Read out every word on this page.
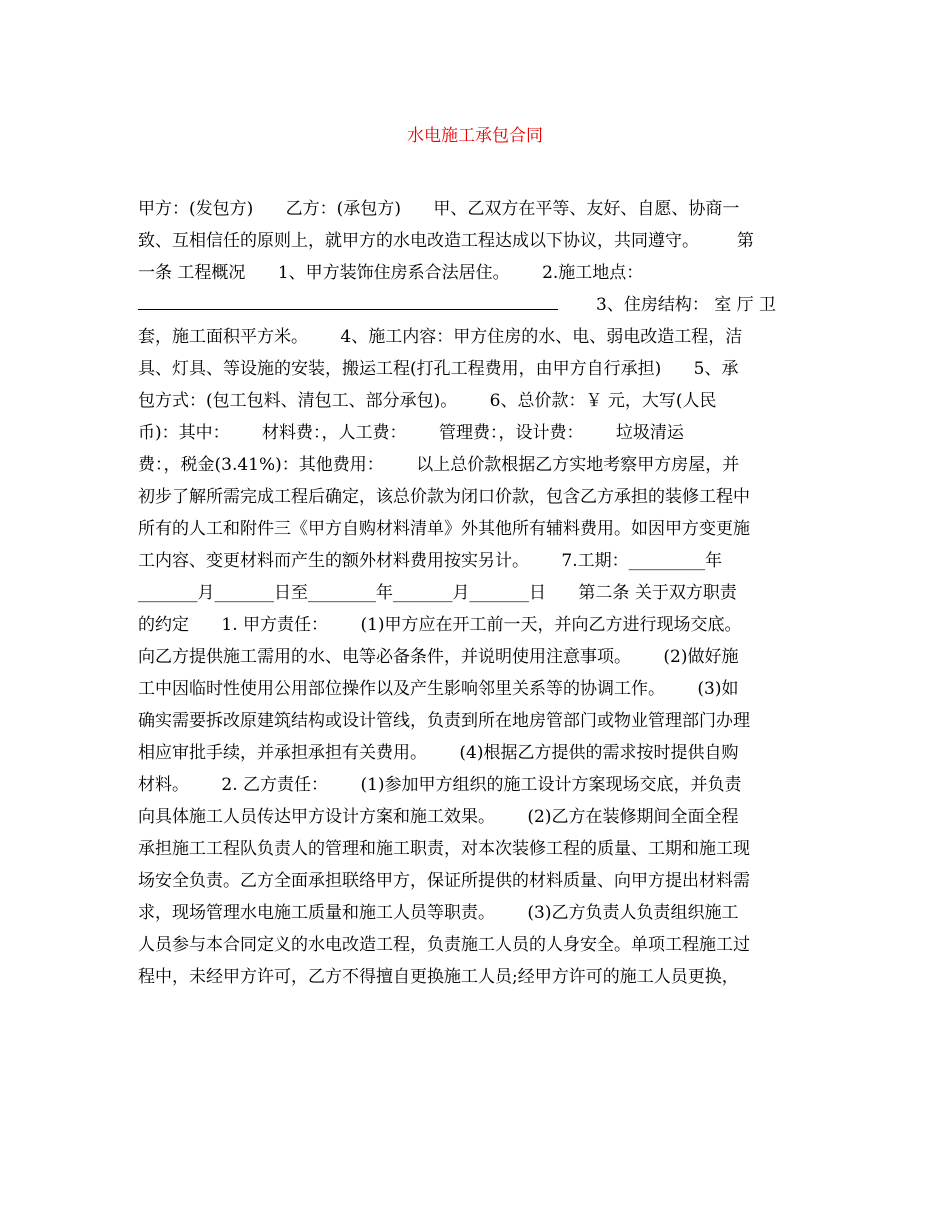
水电施工承包合同
甲方：(发包方)      乙方：(承包方)      甲、乙双方在平等、友好、自愿、协商一
致、互相信任的原则上，就甲方的水电改造工程达成以下协议，共同遵守。       第
一条 工程概况      1、甲方装饰住房系合法居住。      2.施工地点：
3、住房结构： 室 厅 卫
套，施工面积平方米。      4、施工内容：甲方住房的水、电、弱电改造工程，洁
具、灯具、等设施的安装，搬运工程(打孔工程费用，由甲方自行承担)      5、承
包方式：(包工包料、清包工、部分承包)。      6、总价款：￥ 元，大写(人民
币)：其中：      材料费：，人工费：      管理费：，设计费：      垃圾清运
费：，税金(3.41%)：其他费用：      以上总价款根据乙方实地考察甲方房屋，并
初步了解所需完成工程后确定，该总价款为闭口价款，包含乙方承担的装修工程中
所有的人工和附件三《甲方自购材料清单》外其他所有辅料费用。如因甲方变更施
工内容、变更材料而产生的额外材料费用按实另计。      7.工期：_________年
_______月_______日至________年_______月_______日      第二条 关于双方职责
的约定      1. 甲方责任：      (1)甲方应在开工前一天，并向乙方进行现场交底。
向乙方提供施工需用的水、电等必备条件，并说明使用注意事项。      (2)做好施
工中因临时性使用公用部位操作以及产生影响邻里关系等的协调工作。      (3)如
确实需要拆改原建筑结构或设计管线，负责到所在地房管部门或物业管理部门办理
相应审批手续，并承担承担有关费用。      (4)根据乙方提供的需求按时提供自购
材料。      2. 乙方责任：      (1)参加甲方组织的施工设计方案现场交底，并负责
向具体施工人员传达甲方设计方案和施工效果。      (2)乙方在装修期间全面全程
承担施工工程队负责人的管理和施工职责，对本次装修工程的质量、工期和施工现
场安全负责。乙方全面承担联络甲方，保证所提供的材料质量、向甲方提出材料需
求，现场管理水电施工质量和施工人员等职责。      (3)乙方负责人负责组织施工
人员参与本合同定义的水电改造工程，负责施工人员的人身安全。单项工程施工过
程中，未经甲方许可，乙方不得擅自更换施工人员;经甲方许可的施工人员更换，
